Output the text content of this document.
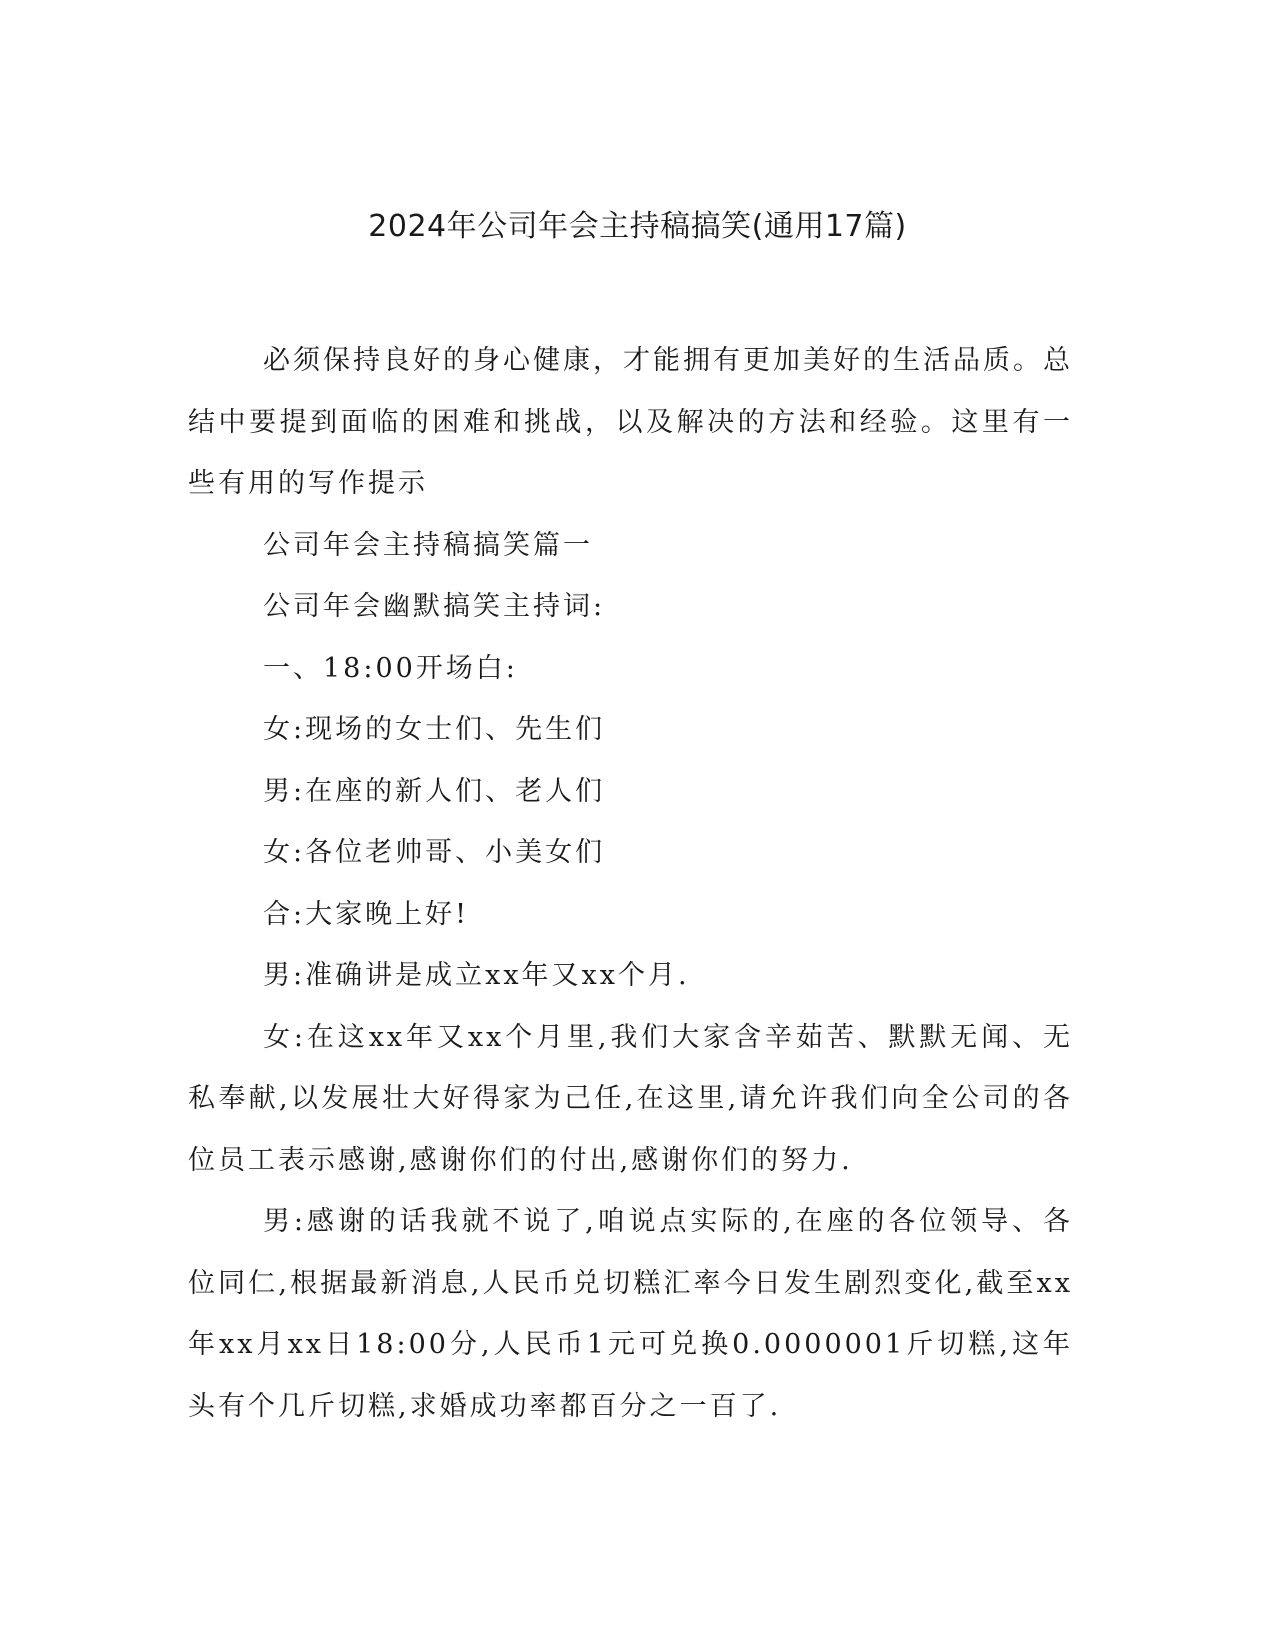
2024年公司年会主持稿搞笑(通用17篇)

必须保持良好的身心健康，才能拥有更加美好的生活品质。总结中要提到面临的困难和挑战，以及解决的方法和经验。这里有一些有用的写作提示

公司年会主持稿搞笑篇一

公司年会幽默搞笑主持词:

一、18:00开场白:

女:现场的女士们、先生们

男:在座的新人们、老人们

女:各位老帅哥、小美女们

合:大家晚上好!

男:准确讲是成立xx年又xx个月.

女:在这xx年又xx个月里,我们大家含辛茹苦、默默无闻、无私奉献,以发展壮大好得家为己任,在这里,请允许我们向全公司的各位员工表示感谢,感谢你们的付出,感谢你们的努力.

男:感谢的话我就不说了,咱说点实际的,在座的各位领导、各位同仁,根据最新消息,人民币兑切糕汇率今日发生剧烈变化,截至xx年xx月xx日18:00分,人民币1元可兑换0.0000001斤切糕,这年头有个几斤切糕,求婚成功率都百分之一百了.
